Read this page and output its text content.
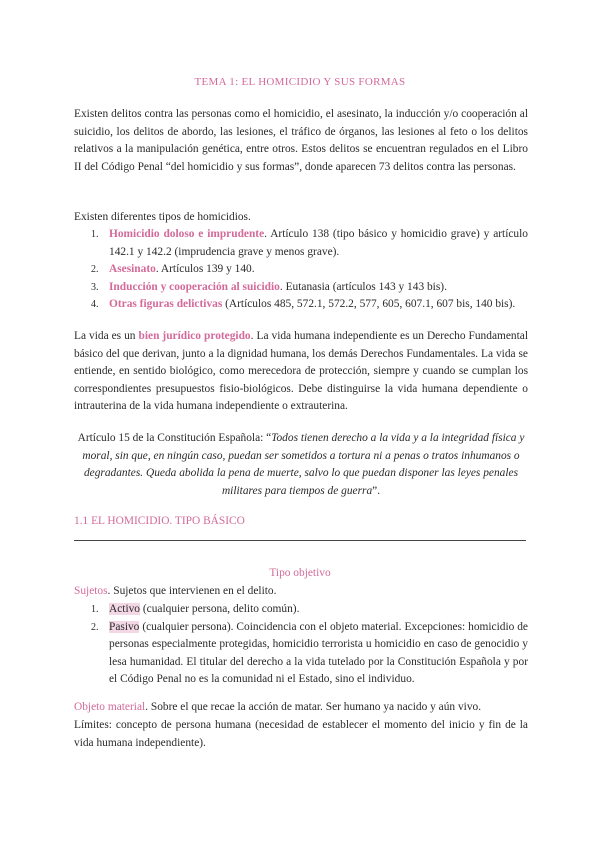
TEMA 1: EL HOMICIDIO Y SUS FORMAS

Existen delitos contra las personas como el homicidio, el asesinato, la inducción y/o cooperación al suicidio, los delitos de abordo, las lesiones, el tráfico de órganos, las lesiones al feto o los delitos relativos a la manipulación genética, entre otros. Estos delitos se encuentran regulados en el Libro II del Código Penal “del homicidio y sus formas”, donde aparecen 73 delitos contra las personas.

Existen diferentes tipos de homicidios.

1. Homicidio doloso e imprudente. Artículo 138 (tipo básico y homicidio grave) y artículo 142.1 y 142.2 (imprudencia grave y menos grave).
2. Asesinato. Artículos 139 y 140.
3. Inducción y cooperación al suicidio. Eutanasia (artículos 143 y 143 bis).
4. Otras figuras delictivas (Artículos 485, 572.1, 572.2, 577, 605, 607.1, 607 bis, 140 bis).

La vida es un bien jurídico protegido. La vida humana independiente es un Derecho Fundamental básico del que derivan, junto a la dignidad humana, los demás Derechos Fundamentales. La vida se entiende, en sentido biológico, como merecedora de protección, siempre y cuando se cumplan los correspondientes presupuestos fisio-biológicos. Debe distinguirse la vida humana dependiente o intrauterina de la vida humana independiente o extrauterina.

Artículo 15 de la Constitución Española: “Todos tienen derecho a la vida y a la integridad física y moral, sin que, en ningún caso, puedan ser sometidos a tortura ni a penas o tratos inhumanos o degradantes. Queda abolida la pena de muerte, salvo lo que puedan disponer las leyes penales militares para tiempos de guerra”.

1.1 EL HOMICIDIO. TIPO BÁSICO
Tipo objetivo

Sujetos. Sujetos que intervienen en el delito.

1. Activo (cualquier persona, delito común).
2. Pasivo (cualquier persona). Coincidencia con el objeto material. Excepciones: homicidio de personas especialmente protegidas, homicidio terrorista u homicidio en caso de genocidio y lesa humanidad. El titular del derecho a la vida tutelado por la Constitución Española y por el Código Penal no es la comunidad ni el Estado, sino el individuo.

Objeto material. Sobre el que recae la acción de matar. Ser humano ya nacido y aún vivo.

Límites: concepto de persona humana (necesidad de establecer el momento del inicio y fin de la vida humana independiente).
